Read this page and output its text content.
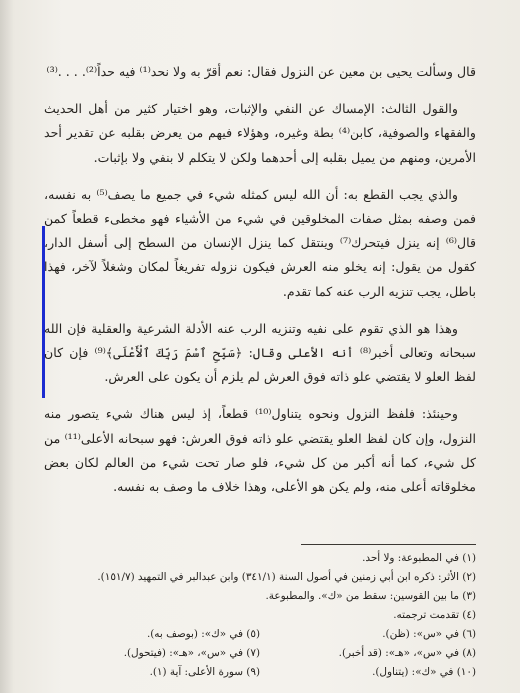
قال وسألت يحيى بن معين عن النزول فقال: نعم أقرّ به ولا نحد⁽¹⁾ فيه حداً⁽²⁾. . . .⁽³⁾

والقول الثالث: الإمساك عن النفي والإثبات، وهو اختيار كثير من أهل الحديث والفقهاء والصوفية، كابن⁽⁴⁾ بطة وغيره، وهؤلاء فيهم من يعرض بقلبه عن تقدير أحد الأمرين، ومنهم من يميل بقلبه إلى أحدهما ولكن لا يتكلم لا بنفي ولا بإثبات.

والذي يجب القطع به: أن الله ليس كمثله شيء في جميع ما يصف⁽⁵⁾ به نفسه، فمن وصفه بمثل صفات المخلوقين في شيء من الأشياء فهو مخطىء قطعاً كمن قال⁽⁶⁾ إنه ينزل فيتحرك⁽⁷⁾ وينتقل كما ينزل الإنسان من السطح إلى أسفل الدار، كقول من يقول: إنه يخلو منه العرش فيكون نزوله تفريغاً لمكان وشغلاً لآخر، فهذا باطل، يجب تنزيه الرب عنه كما تقدم.

وهذا هو الذي تقوم على نفيه وتنزيه الرب عنه الأدلة الشرعية والعقلية فإن الله سبحانه وتعالى أخبر⁽⁸⁾ أنه الأعلى وقال: ﴿سَبِّحِ ٱسْمَ رَبِّكَ ٱلْأَعْلَى﴾⁽⁹⁾ فإن كان لفظ العلو لا يقتضي علو ذاته فوق العرش لم يلزم أن يكون على العرش.

وحينئذ: فلفظ النزول ونحوه يتناول⁽¹⁰⁾ قطعاً، إذ ليس هناك شيء يتصور منه النزول، وإن كان لفظ العلو يقتضي علو ذاته فوق العرش: فهو سبحانه الأعلى⁽¹¹⁾ من كل شيء، كما أنه أكبر من كل شيء، فلو صار تحت شيء من العالم لكان بعض مخلوقاته أعلى منه، ولم يكن هو الأعلى، وهذا خلاف ما وصف به نفسه.

(١) في المطبوعة: ولا أحد.
(٢) الأثر: ذكره ابن أبي زمنين في أصول السنة (٣٤١/١) وابن عبدالبر في التمهيد (١٥١/٧).
(٣) ما بين القوسين: سقط من «ك». والمطبوعة.
(٤) تقدمت ترجمته.
(٦) في «س»: (ظن).
(٥) في «ك»: (بوصف به).
(٨) في «س»، «هـ»: (قد أخبر).
(٧) في «س»، «هـ»: (فيتحول).
(١٠) في «ك»: (يتناول).
(٩) سورة الأعلى: آية (١).
